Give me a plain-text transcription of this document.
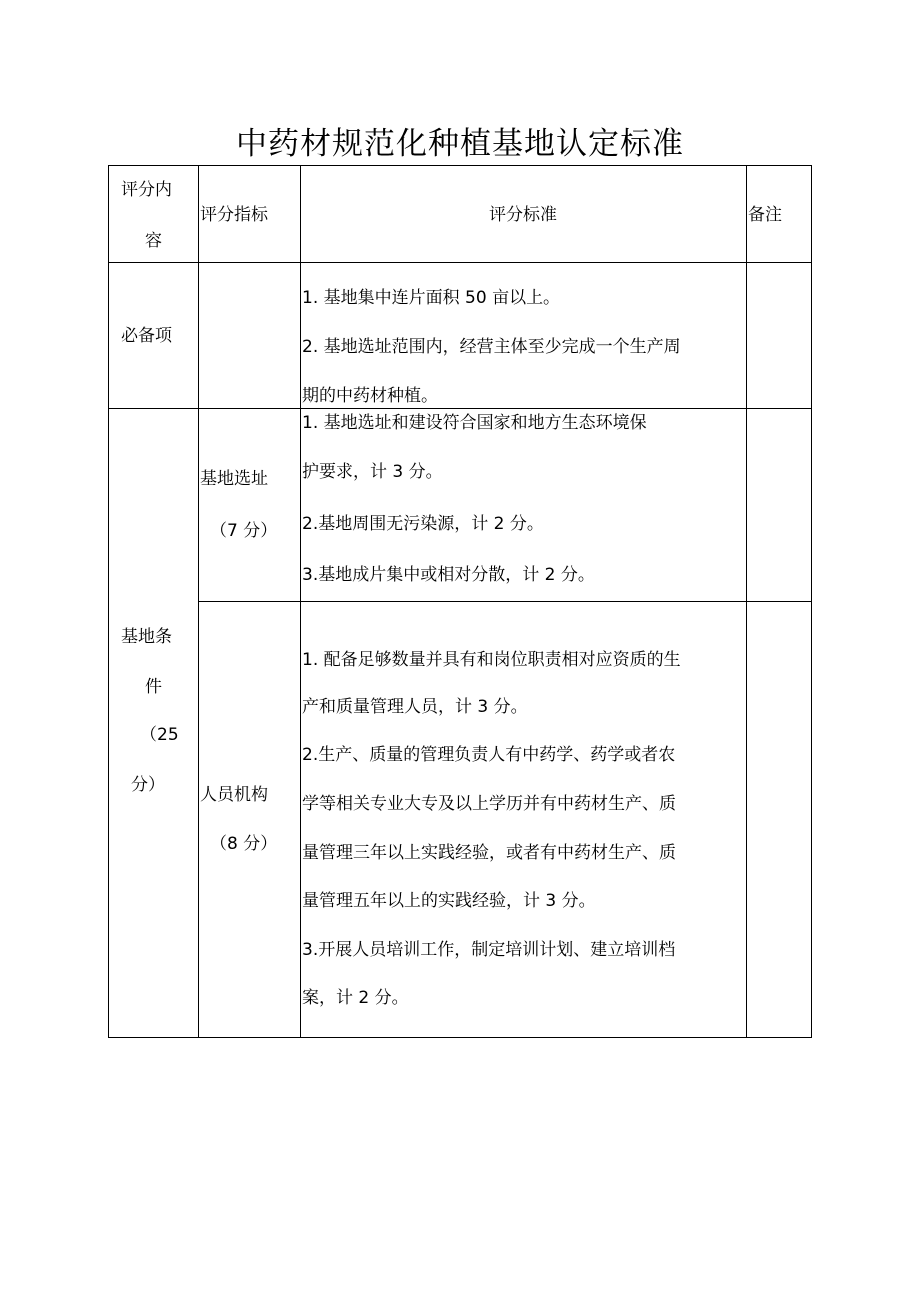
中药材规范化种植基地认定标准
评分内
容
评分指标	评分标准	备注
必备项
1. 基地集中连片面积 50 亩以上。
2. 基地选址范围内，经营主体至少完成一个生产周
期的中药材种植。
基地条
件
（25
分）
基地选址
（7 分）
1. 基地选址和建设符合国家和地方生态环境保
护要求，计 3 分。
2.基地周围无污染源，计 2 分。
3.基地成片集中或相对分散，计 2 分。
人员机构
（8 分）
1. 配备足够数量并具有和岗位职责相对应资质的生
产和质量管理人员，计 3 分。
2.生产、质量的管理负责人有中药学、药学或者农
学等相关专业大专及以上学历并有中药材生产、质
量管理三年以上实践经验，或者有中药材生产、质
量管理五年以上的实践经验，计 3 分。
3.开展人员培训工作，制定培训计划、建立培训档
案，计 2 分。
